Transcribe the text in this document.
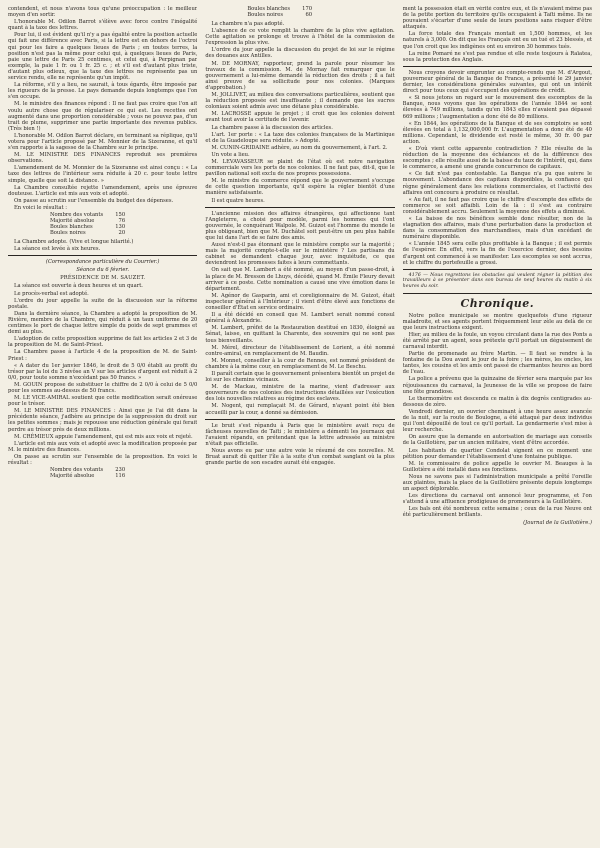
contendent, et nous n'avons tous qu'une préoccupation : le meilleur moyen d'en sortir.

L'honorable M. Odilon Barrot s'élève avec force contre l'inégalité quant à la taxe des lettres.

Pour lui, il est évident qu'il n'y a pas égalité entre la position actuelle qui fait une différence avec Paris, si la lettre est en dehors de l'octroi qui pour les faire a quelques lieues de Paris ; en toutes terres, la position n'est pas la même pour celui qui, à quelques lieues de Paris, paie une lettre de Paris 25 centimes, et celui qui, à Perpignan par exemple, la paie 1 fr. ou 1 fr. 25 c. ; et s'il est d'autant plus triste, d'autant plus odieux, que la taxe des lettres ne représente pas un service rendu, elle ne représente qu'un impôt.

La réforme, s'il y a lieu, ne saurait, à tous égards, être imposée par les rigueurs de la presse. Le pays demande depuis longtemps que l'on s'en occupe.

M. le ministre des finances répond : Il ne faut pas croire que l'on ait voulu autre chose que de régulariser ce qui est. Les recettes ont augmenté dans une proportion considérable ; vous ne pouvez pas, d'un trait de plume, supprimer une partie importante des revenus publics. (Très bien !)

L'honorable M. Odilon Barrot déclare, en terminant sa réplique, qu'il votera pour l'article proposé par M. Monnier de la Sizeranne, et qu'il s'en rapporte à la sagesse de la Chambre sur le principe.

M. LE MINISTRE DES FINANCES reproduit ses premières observations.

L'amendement de M. Monnier de la Sizeranne est ainsi conçu : « La taxe des lettres de l'intérieur sera réduite à 20 c. pour toute lettre simple, quelle que soit la distance. »

La Chambre consultée rejette l'amendement, après une épreuve douteuse. L'article est mis aux voix et adopté.

On passe au scrutin sur l'ensemble du budget des dépenses.

En voici le résultat :

Nombre des votants	150
Majorité absolue	76
Boules blanches	130
Boules noires	20

La Chambre adopte. (Vive et longue hilarité.)

La séance est levée à six heures.

(Correspondance particulière du Courrier.)

Séance du 6 février.

PRÉSIDENCE DE M. SAUZET.

La séance est ouverte à deux heures et un quart.

Le procès-verbal est adopté.

L'ordre du jour appelle la suite de la discussion sur la réforme postale.

Dans la dernière séance, la Chambre a adopté la proposition de M. Rivière, membre de la Chambre, qui réduit à un taux uniforme de 20 centimes le port de chaque lettre simple du poids de sept grammes et demi au plus.

L'adoption de cette proposition supprime de fait les articles 2 et 3 de la proposition de M. de Saint-Priest.

La Chambre passe à l'article 4 de la proposition de M. de Saint-Priest :

« A dater du 1er janvier 1846, le droit de 5 0/0 établi au profit du trésor par la loi du 3 nivôse an V sur les articles d'argent est réduit à 2 0/0, pour toute somme n'excédant pas 50 francs. »

M. GOUIN propose de substituer le chiffre de 2 0/0 à celui de 5 0/0 pour les sommes au-dessus de 50 francs.

M. LE VICE-AMIRAL soutient que cette modification serait onéreuse pour le trésor.

M. LE MINISTRE DES FINANCES : Ainsi que je l'ai dit dans la précédente séance, j'adhère au principe de la suppression du droit sur les petites sommes ; mais je repousse une réduction générale qui ferait perdre au trésor près de deux millions.

M. CRÉMIEUX appuie l'amendement, qui est mis aux voix et rejeté.

L'article est mis aux voix et adopté avec la modification proposée par M. le ministre des finances.

On passe au scrutin sur l'ensemble de la proposition. En voici le résultat :

Nombre des votants	230
Majorité absolue	116
Boules blanches	170
Boules noires	60

La chambre n'a pas adopté.

L'absence de ce vote remplit la chambre de la plus vive agitation. Cette agitation se prolonge et trouve à l'hôtel de la commission de l'expression la plus vive.

L'ordre du jour appelle la discussion du projet de loi sur le régime des douanes aux Antilles.

M. DE MORNAY, rapporteur, prend la parole pour résumer les travaux de la commission. M. de Mornay fait remarquer que le gouvernement a lui-même demandé la réduction des droits ; il a fait ainsi preuve de sa sollicitude pour nos colonies. (Marques d'approbation.)

M. JOLLIVET, au milieu des conversations particulières, soutient que la réduction proposée est insuffisante ; il demande que les sucres coloniaux soient admis avec une détaxe plus considérable.

M. LACROSSE appuie le projet ; il croit que les colonies doivent avant tout avoir la certitude de l'avenir.

La chambre passe à la discussion des articles.

L'art. 1er porte : « La taxe des colonies françaises de la Martinique et de la Guadeloupe sera réduite. » Adopté.

M. CUNIN-GRIDAINE adhère, au nom du gouvernement, à l'art. 2.

Un vote a lieu.

M. LEVAVASSEUR se plaint de l'état où est notre navigation commerciale vers les ports de nos colonies. Il ne faut pas, dit-il, que le pavillon national soit exclu de nos propres possessions.

M. le ministre du commerce répond que le gouvernement s'occupe de cette question importante, qu'il espère la régler bientôt d'une manière satisfaisante.

Il est quatre heures.

L'ancienne mission des affaires étrangères, qui affectionne tant l'Angleterre, a choisi pour modèle, parmi les hommes qui l'ont gouvernée, le conquérant Walpole. M. Guizot est l'homme du monde le plus obligeant, bien que M. Duchâtel soit peut-être un peu plus habile que lui dans l'art de se faire des amis.

Aussi n'est-il pas étonnant que le ministère compte sur la majorité ; mais la majorité compte-t-elle sur le ministère ? Les partisans du cabinet se demandent chaque jour, avec inquiétude, ce que deviendront les promesses faites à leurs commettants.

On sait que M. Lambert a été nommé, au moyen d'un passe-droit, à la place de M. Bresson de Lhuys, décédé, quand M. Émile Fleury devait arriver à ce poste. Cette nomination a causé une vive émotion dans le département.

M. Agénor de Gasparin, ami et coreligionnaire de M. Guizot, était inspecteur général à l'Intérieur ; il vient d'être élevé aux fonctions de conseiller d'État en service ordinaire.

Il a été décidé en conseil que M. Lambert serait nommé consul général à Alexandrie.

M. Lambert, préfet de la Restauration destitué en 1830, éloigné au Sénat, laisse, en quittant la Charente, des souvenirs qui ne sont pas tous bienveillants.

M. Mérel, directeur de l'établissement de Lorient, a été nommé contre-amiral, en remplacement de M. Baudin.

M. Monnet, conseiller à la cour de Rennes, est nommé président de chambre à la même cour, en remplacement de M. Le Beschu.

Il paraît certain que le gouvernement présentera bientôt un projet de loi sur les chemins vicinaux.

M. de Mackau, ministre de la marine, vient d'adresser aux gouverneurs de nos colonies des instructions détaillées sur l'exécution des lois nouvelles relatives au régime des esclaves.

M. Nogent, qui remplaçait M. de Gérard, n'ayant point été bien accueilli par la cour, a donné sa démission.

Le bruit s'est répandu à Paris que le ministère avait reçu de fâcheuses nouvelles de Taïti ; le ministère a démenti les journaux qui l'avaient répandu, en prétendant que la lettre adressée au ministre n'était pas officielle.

Nous avons eu par une autre voie le résumé de ces nouvelles. M. Bruat aurait dû quitter l'île à la suite d'un combat sanglant où la plus grande partie de son escadre aurait été engagée.

ment la possession était en vérité contre eux, et ils n'avaient même pas de la petite portion du territoire qu'ils occupaient à Taïti même. Ils ne pouvaient s'écarter d'une seule de leurs positions sans risquer d'être attaqués.

La force totale des Français montait en 1,500 hommes, et les naturels à 3,000. On dit que les Français ont eu un tué et 23 blessés, et que l'on croit que les indigènes ont eu environ 30 hommes tués.

La reine Pomaré ne s'est pas rendue et elle reste toujours à Raïatea, sous la protection des Anglais.

Nous croyons devoir emprunter au compte-rendu que M. d'Argout, gouverneur général de la Banque de France, a présenté le 29 janvier dernier, les considérations générales suivantes, qui ont un intérêt direct pour tous ceux qui s'occupent des opérations de crédit.

« Si nous jetons un regard sur le mouvement des escomptes de la Banque, nous voyons que les opérations de l'année 1844 se sont élevées à 749 millions, tandis qu'en 1843 elles n'avaient pas dépassé 669 millions ; l'augmentation a donc été de 80 millions.

« En 1844, les opérations de la Banque et de ses comptoirs se sont élevées en total à 1,132,000,000 fr. L'augmentation a donc été de 40 millions. Cependant, le dividende est resté le même, 30 fr. 00 par action.

« D'où vient cette apparente contradiction ? Elle résulte de la réduction de la moyenne des échéances et de la différence des escomptes ; elle résulte aussi de la baisse du taux de l'intérêt, qui, dans le commerce, a amené une grande concurrence de capitaux.

« Ce fait n'est pas contestable. La Banque n'a pu que suivre le mouvement. L'abondance des capitaux disponibles, la confiance qui règne généralement dans les relations commerciales, et l'activité des affaires ont concouru à produire ce résultat.

« Au fait, il ne faut pas croire que le chiffre d'escompte des effets de commerce se soit affaibli. Loin de là : il s'est au contraire considérablement accru. Seulement la moyenne des effets a diminué.

« La baisse de nos bénéfices semble donc résulter, non de la stagnation des affaires, mais d'une perturbation dans la production et dans la consommation des marchandises, mais d'un excédant de numéraire disponible.

« L'année 1845 sera celle plus profitable à la Banque ; il est permis de l'espérer. En effet, vers la fin de l'exercice dernier, des besoins d'argent ont commencé à se manifester. Les escomptes se sont accrus, et le chiffre du portefeuille a grossi.

4176 — Nous regrettons les obstacles qui veulent régner la pétition des travailleurs à se présenter dans son bureau de neuf heures du matin à six heures du soir.

Chronique.

Notre police municipale se montre quelquefois d'une rigueur maladroite, et ses agents portent fréquemment leur zèle au delà de ce que leurs instructions exigent.

Hier, au milieu de la foule, un voyou circulant dans la rue des Ponts a été arrêté par un agent, sous prétexte qu'il portait un déguisement de carnaval interdit.

Partie de promenade au frère Martin. — Il faut se rendre à la fontaine de la Dou avant le jour de la foire ; les mères, les oncles, les tantes, les cousins et les amis ont passé de charmantes heures au bord de l'eau.

La police a prévenu que la quinzaine de février sera marquée par les réjouissances du carnaval, la Jeunesse de la ville se propose de faire une fête grandiose.

Le thermomètre est descendu ce matin à dix degrés centigrades au-dessous de zéro.

Vendredi dernier, un ouvrier cheminant à une heure assez avancée de la nuit, sur la route de Boulogne, a été attaqué par deux individus qui l'ont dépouillé de tout ce qu'il portait. La gendarmerie s'est mise à leur recherche.

On assure que la demande en autorisation de mariage aux conseils de la Guillotière, par un ancien militaire, vient d'être accordée.

Les habitants du quartier Condolat signent en ce moment une pétition pour demander l'établissement d'une fontaine publique.

M. le commissaire de police appelle le ouvrier M. Beauges à la Guillotière a été installé dans ses fonctions.

Nous ne savons pas si l'administration municipale a prêté l'oreille aux plaintes, mais la place de la Guillotière présente depuis longtemps un aspect déplorable.

Les directions du carnaval ont annoncé leur programme, et l'on s'attend à une affluence prodigieuse de promeneurs à la Guillotière.

Les bals ont été nombreux cette semaine ; ceux de la rue Neuve ont été particulièrement brillants.

(Journal de la Guillotière.)
